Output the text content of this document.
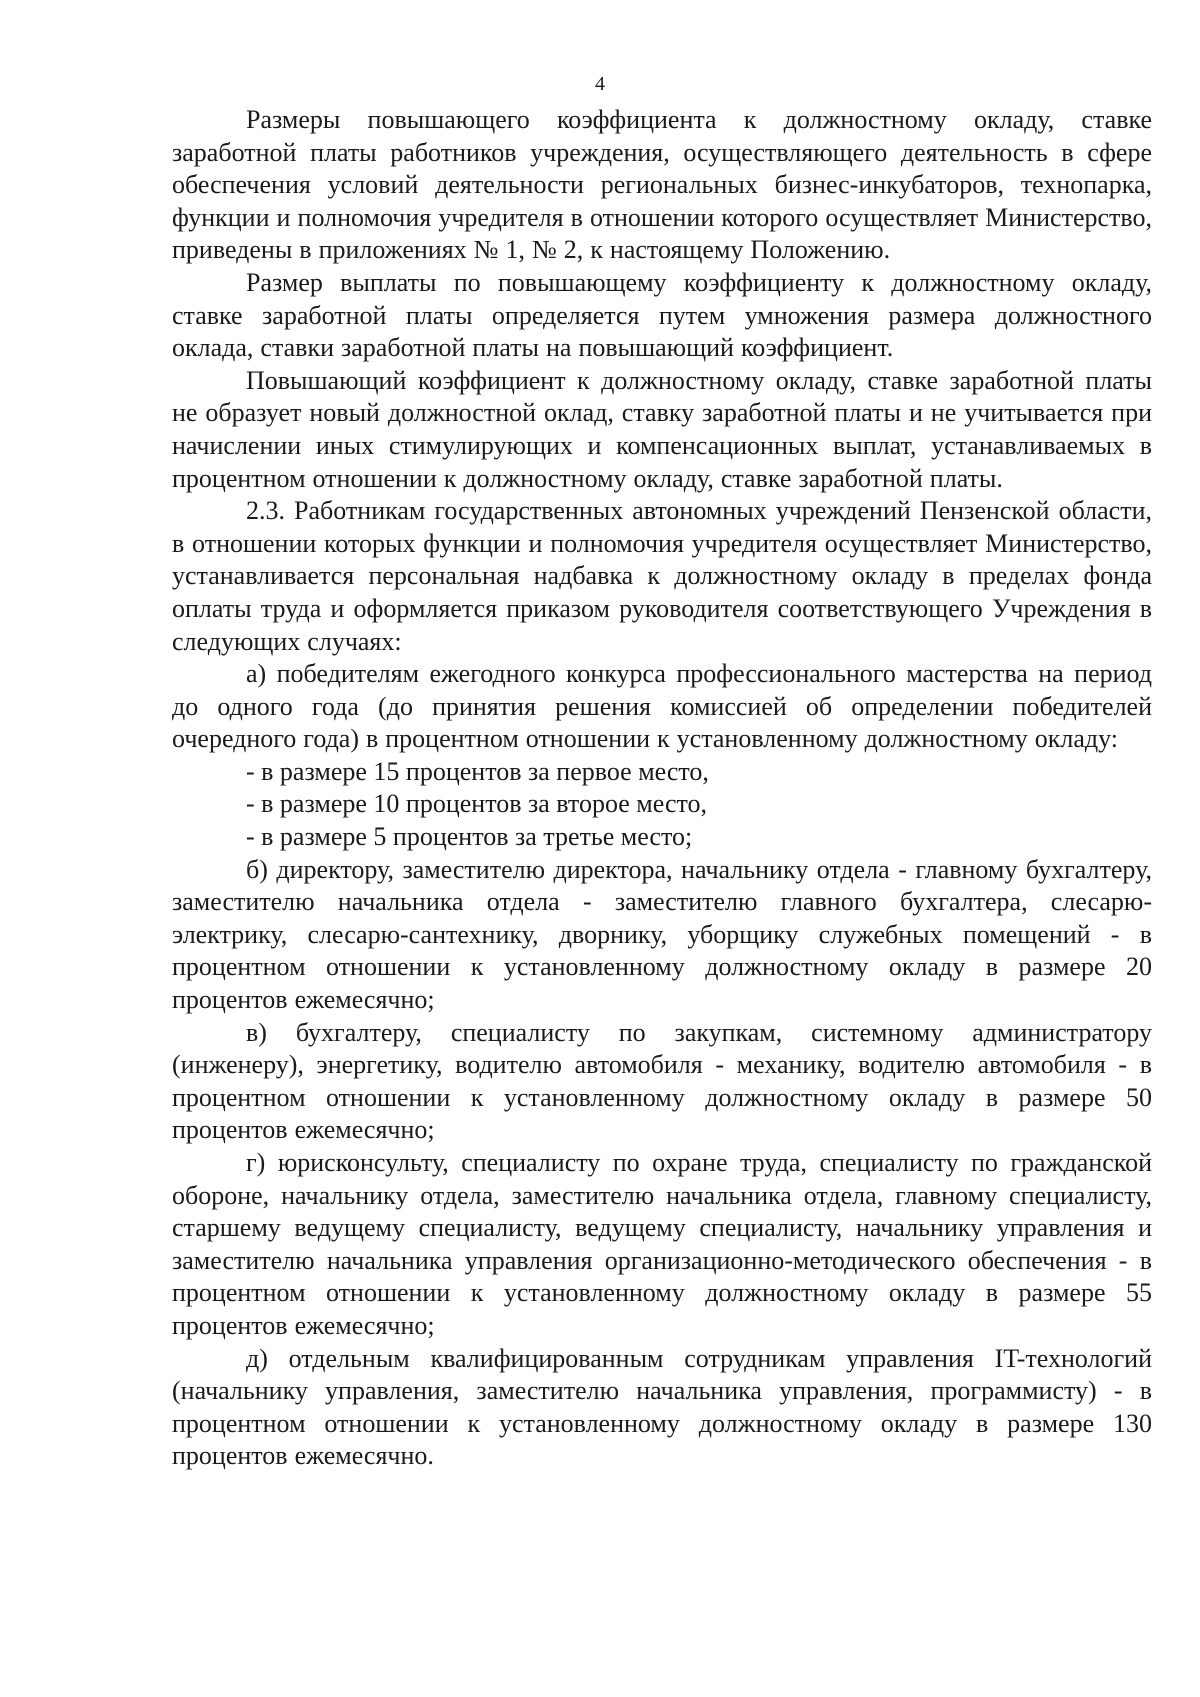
4

Размеры повышающего коэффициента к должностному окладу, ставке заработной платы работников учреждения, осуществляющего деятельность в сфере обеспечения условий деятельности региональных бизнес-инкубаторов, технопарка, функции и полномочия учредителя в отношении которого осуществляет Министерство, приведены в приложениях № 1, № 2, к настоящему Положению.

Размер выплаты по повышающему коэффициенту к должностному окладу, ставке заработной платы определяется путем умножения размера должностного оклада, ставки заработной платы на повышающий коэффициент.

Повышающий коэффициент к должностному окладу, ставке заработной платы не образует новый должностной оклад, ставку заработной платы и не учитывается при начислении иных стимулирующих и компенсационных выплат, устанавливаемых в процентном отношении к должностному окладу, ставке заработной платы.

2.3. Работникам государственных автономных учреждений Пензенской области, в отношении которых функции и полномочия учредителя осуществляет Министерство, устанавливается персональная надбавка к должностному окладу в пределах фонда оплаты труда и оформляется приказом руководителя соответствующего Учреждения в следующих случаях:

а) победителям ежегодного конкурса профессионального мастерства на период до одного года (до принятия решения комиссией об определении победителей очередного года) в процентном отношении к установленному должностному окладу:

- в размере 15 процентов за первое место,

- в размере 10 процентов за второе место,

- в размере 5 процентов за третье место;

б) директору, заместителю директора, начальнику отдела - главному бухгалтеру, заместителю начальника отдела - заместителю главного бухгалтера, слесарю-электрику, слесарю-сантехнику, дворнику, уборщику служебных помещений - в процентном отношении к установленному должностному окладу в размере 20 процентов ежемесячно;

в) бухгалтеру, специалисту по закупкам, системному администратору (инженеру), энергетику, водителю автомобиля - механику, водителю автомобиля - в процентном отношении к установленному должностному окладу в размере 50 процентов ежемесячно;

г) юрисконсульту, специалисту по охране труда, специалисту по гражданской обороне, начальнику отдела, заместителю начальника отдела, главному специалисту, старшему ведущему специалисту, ведущему специалисту, начальнику управления и заместителю начальника управления организационно-методического обеспечения - в процентном отношении к установленному должностному окладу в размере 55 процентов ежемесячно;

д) отдельным квалифицированным сотрудникам управления IT-технологий (начальнику управления, заместителю начальника управления, программисту) - в процентном отношении к установленному должностному окладу в размере 130 процентов ежемесячно.
